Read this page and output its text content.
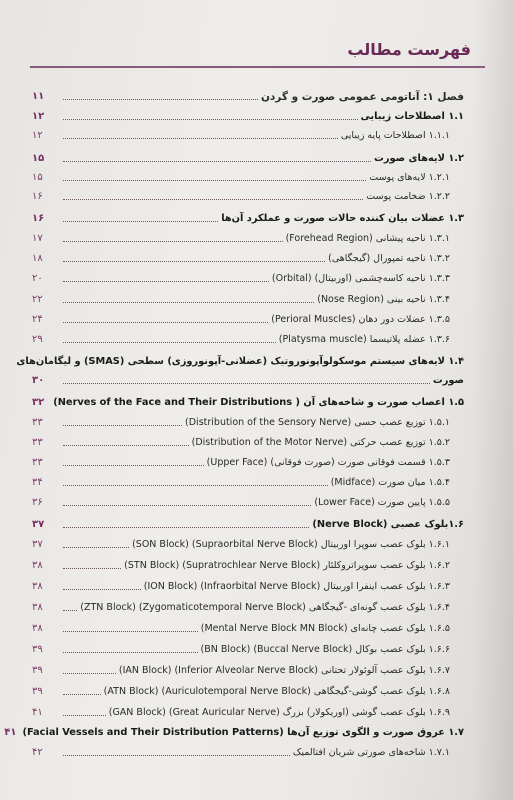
فهرست مطالب
فصل ۱: آناتومی عمومی صورت و گردن
۱۱
۱.۱ اصطلاحات زیبایی
۱۲
۱.۱.۱ اصطلاحات پایه زیبایی
۱۲
۱.۲ لایه‌های صورت
۱۵
۱.۲.۱ لایه‌های پوست
۱۵
۱.۲.۲ ضخامت پوست
۱۶
۱.۳ عضلات بیان کننده حالات صورت و عملکرد آن‌ها
۱۶
۱.۳.۱ ناحیه پیشانی (Forehead Region)
۱۷
۱.۳.۲ ناحیه تمپورال (گیجگاهی)
۱۸
۱.۳.۳ ناحیه کاسه‌چشمی (اوربیتال) (Orbital)
۲۰
۱.۳.۴ ناحیه بینی (Nose Region)
۲۲
۱.۳.۵ عضلات دور دهان (Perioral Muscles)
۲۴
۱.۳.۶ عضله پلاتیسما (Platysma muscle)
۲۹
۱.۴ لایه‌های سیستم موسکولوآپونوروتیک (عضلانی-آپونوروزی) سطحی (SMAS) و لیگامان‌های
صورت
۳۰
۱.۵ اعصاب صورت و شاخه‌های آن ( Nerves of the Face and Their Distributions)
۳۲
۱.۵.۱ توزیع عصب حسی (Distribution of the Sensory Nerve)
۳۳
۱.۵.۲ توزیع عصب حرکتی (Distribution of the Motor Nerve)
۳۳
۱.۵.۳ قسمت فوقانی صورت (صورت فوقانی) (Upper Face)
۳۳
۱.۵.۴ میان صورت (Midface)
۳۴
۱.۵.۵ پایین صورت (Lower Face)
۳۶
۱.۶بلوک عصبی (Nerve Block)
۳۷
۱.۶.۱ بلوک عصب سوپرا اوربیتال (Supraorbital Nerve Block) (SON Block)
۳۷
۱.۶.۲ بلوک عصب سوپراتروکلئار (Supratrochlear Nerve Block) (STN Block)
۳۸
۱.۶.۳ بلوک عصب اینفرا اوربیتال (Infraorbital Nerve Block) (ION Block)
۳۸
۱.۶.۴ بلوک عصب گونه‌ای -گیجگاهی (Zygomaticotemporal Nerve Block) (ZTN Block)
۳۸
۱.۶.۵ بلوک عصب چانه‌ای (Mental Nerve Block MN Block)
۳۸
۱.۶.۶ بلوک عصب بوکال (Buccal Nerve Block) (BN Block)
۳۹
۱.۶.۷ بلوک عصب آلوئولار تحتانی (Inferior Alveolar Nerve Block) (IAN Block)
۳۹
۱.۶.۸ بلوک عصب گوشی-گیجگاهی (Auriculotemporal Nerve Block) (ATN Block)
۳۹
۱.۶.۹ بلوک عصب گوشی (اوریکولار) بزرگ (Great Auricular Nerve) (GAN Block)
۴۱
۱.۷ عروق صورت و الگوی توزیع آن‌ها (Facial Vessels and Their Distribution Patterns)
۴۱
۱.۷.۱ شاخه‌های صورتی شریان افتالمیک
۴۲
